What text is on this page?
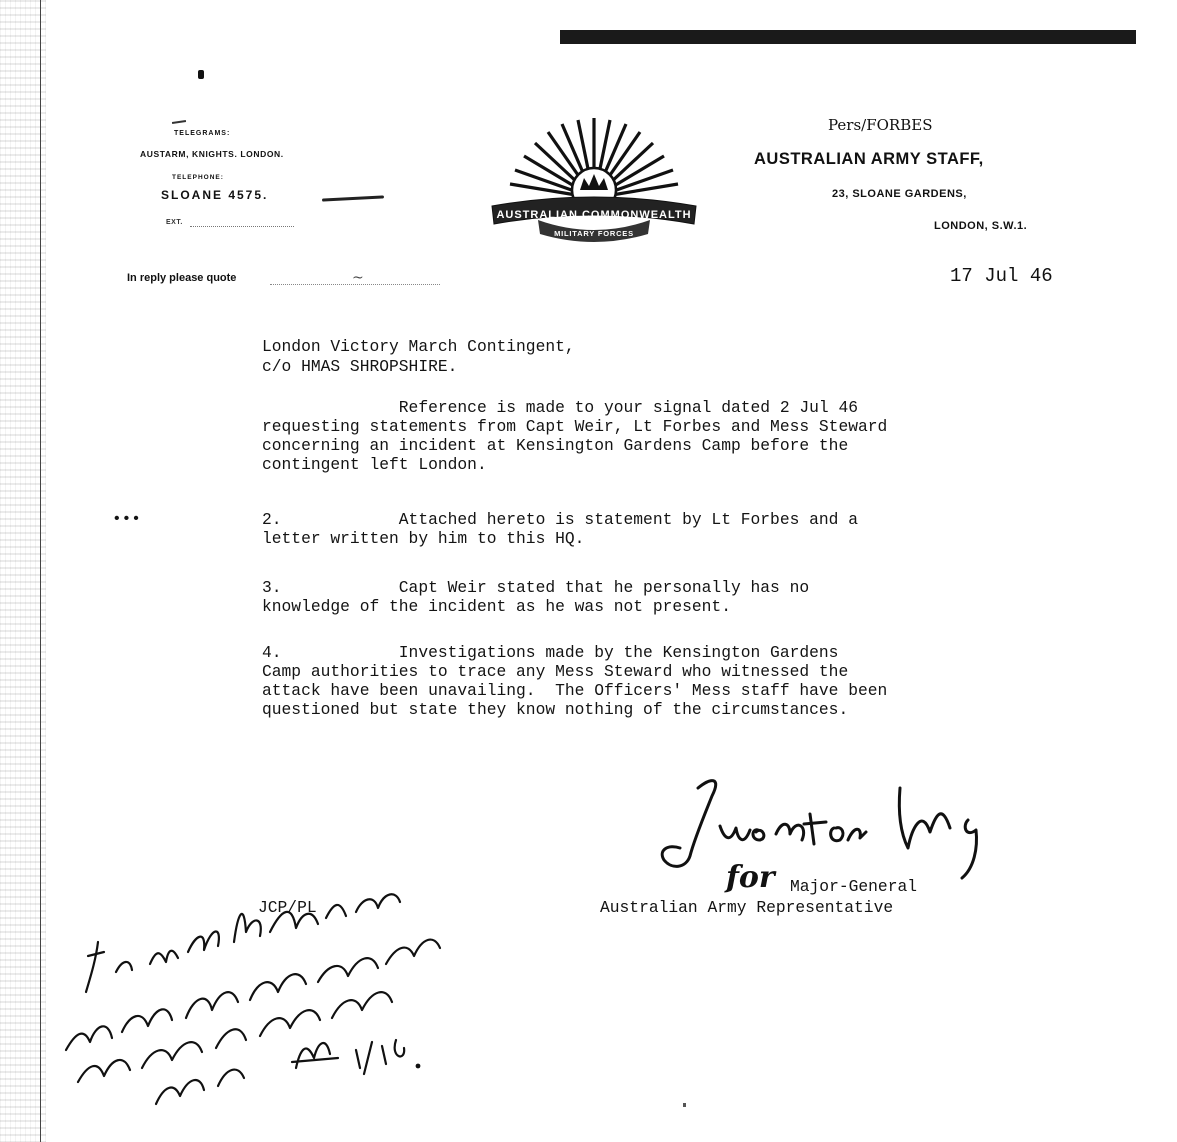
TELEGRAMS:
AUSTARM, KNIGHTS. LONDON.
TELEPHONE:
SLOANE 4575.
EXT.
AUSTRALIAN COMMONWEALTH
MILITARY FORCES
Pers/FORBES
AUSTRALIAN ARMY STAFF,
23, SLOANE GARDENS,
LONDON, S.W.1.
In reply please quote	~	17 Jul 46
London Victory March Contingent,
c/o HMAS SHROPSHIRE.
Reference is made to your signal dated 2 Jul 46
requesting statements from Capt Weir, Lt Forbes and Mess Steward
concerning an incident at Kensington Gardens Camp before the
contingent left London.
•••	2.            Attached hereto is statement by Lt Forbes and a
letter written by him to this HQ.
3.            Capt Weir stated that he personally has no
knowledge of the incident as he was not present.
4.            Investigations made by the Kensington Gardens
Camp authorities to trace any Mess Steward who witnessed the
attack have been unavailing.  The Officers' Mess staff have been
questioned but state they know nothing of the circumstances.
for Major-General
Australian Army Representative
JCP/PL
